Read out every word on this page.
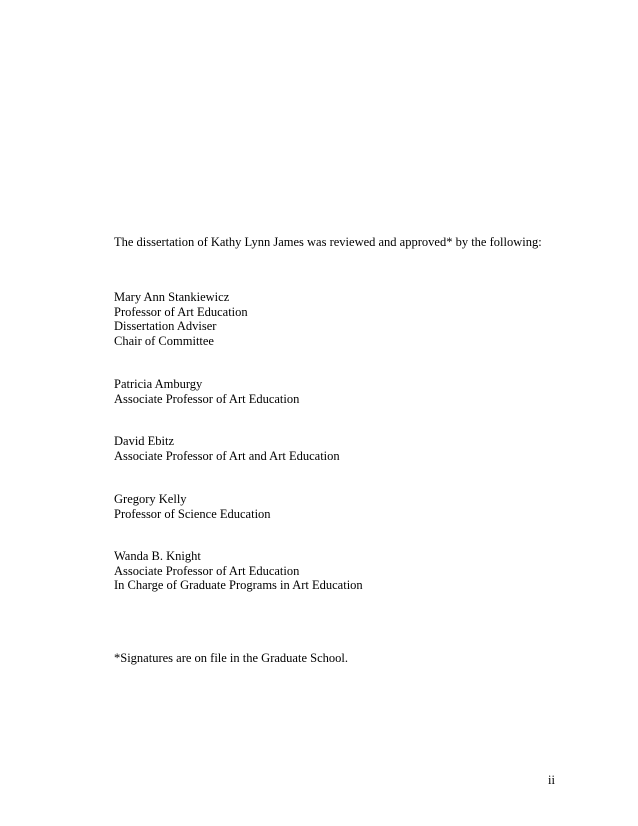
The dissertation of Kathy Lynn James was reviewed and approved* by the following:
Mary Ann Stankiewicz
Professor of Art Education
Dissertation Adviser
Chair of Committee
Patricia Amburgy
Associate Professor of Art Education
David Ebitz
Associate Professor of Art and Art Education
Gregory Kelly
Professor of Science Education
Wanda B. Knight
Associate Professor of Art Education
In Charge of Graduate Programs in Art Education
*Signatures are on file in the Graduate School.
ii
